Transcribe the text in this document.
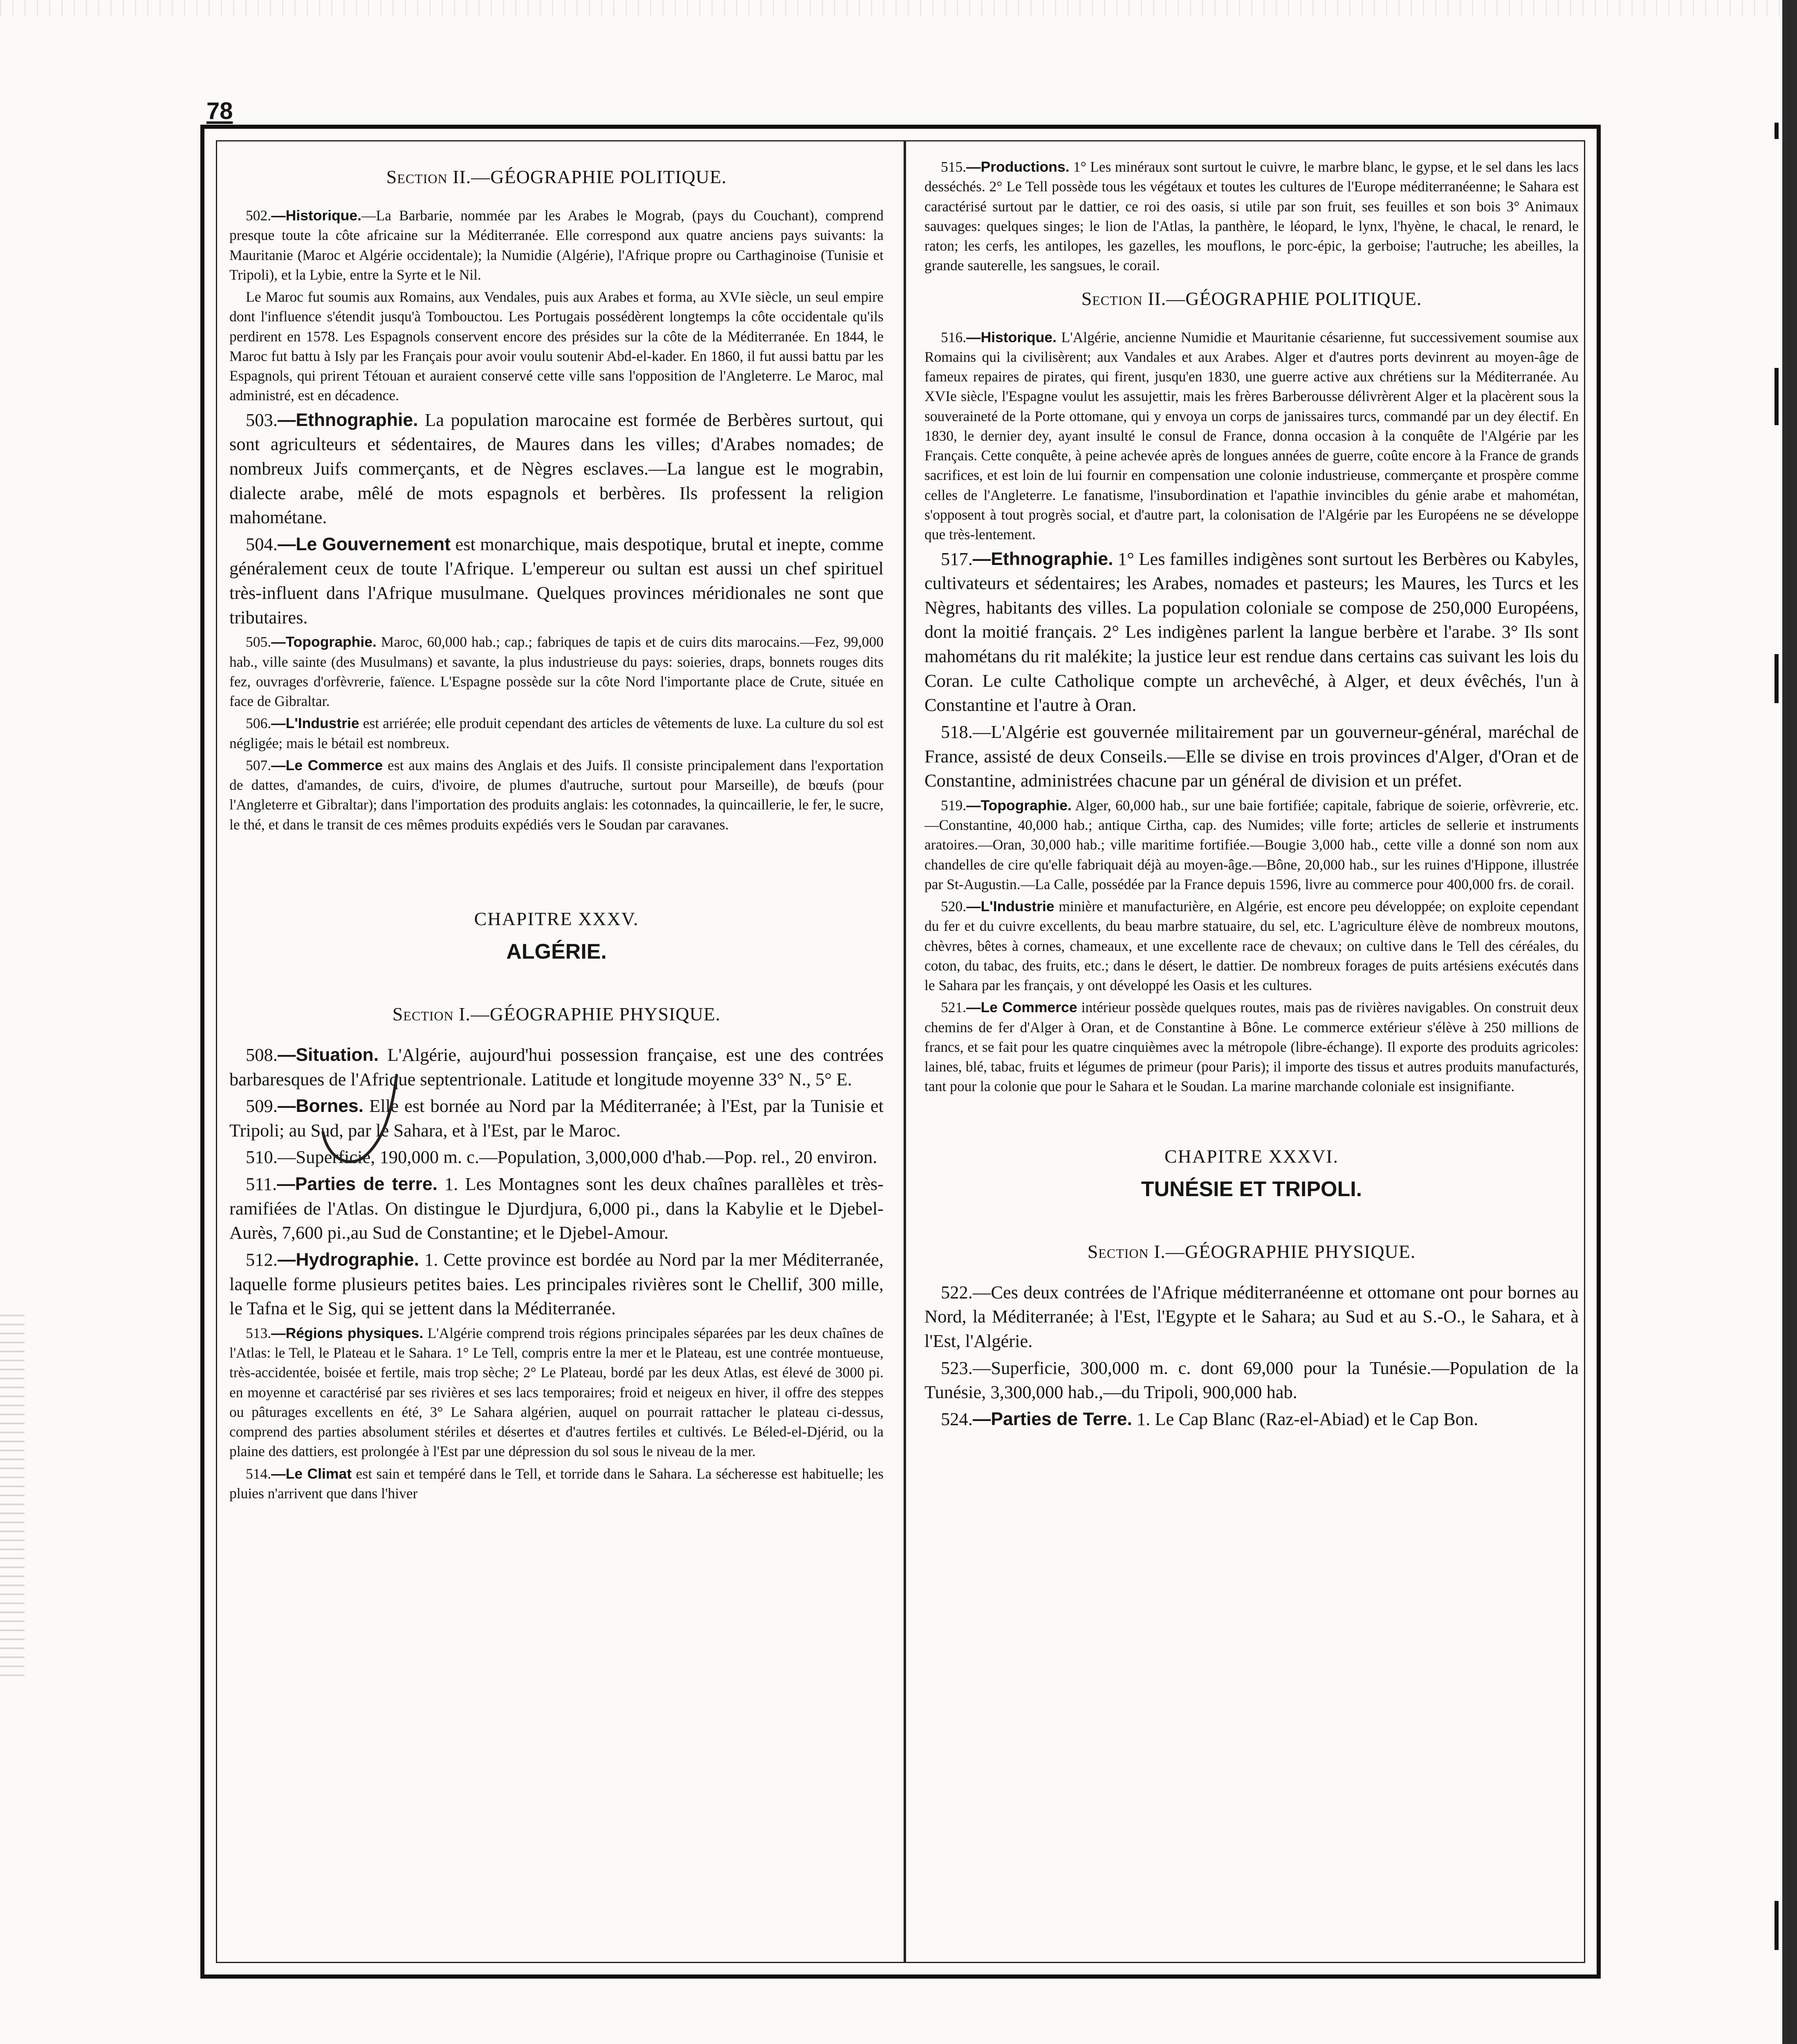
78
Section II.—GÉOGRAPHIE POLITIQUE.

502.—Historique.—La Barbarie, nommée par les Arabes le Mograb, (pays du Couchant), comprend presque toute la côte africaine sur la Méditerranée. Elle correspond aux quatre anciens pays suivants: la Mauritanie (Maroc et Algérie occidentale); la Numidie (Algérie), l'Afrique propre ou Carthaginoise (Tunisie et Tripoli), et la Lybie, entre la Syrte et le Nil.

Le Maroc fut soumis aux Romains, aux Vendales, puis aux Arabes et forma, au XVIe siècle, un seul empire dont l'influence s'étendit jusqu'à Tombouctou. Les Portugais possédèrent longtemps la côte occidentale qu'ils perdirent en 1578. Les Espagnols conservent encore des présides sur la côte de la Méditerranée. En 1844, le Maroc fut battu à Isly par les Français pour avoir voulu soutenir Abd-el-kader. En 1860, il fut aussi battu par les Espagnols, qui prirent Tétouan et auraient conservé cette ville sans l'opposition de l'Angleterre. Le Maroc, mal administré, est en décadence.

503.—Ethnographie. La population marocaine est formée de Berbères surtout, qui sont agriculteurs et sédentaires, de Maures dans les villes; d'Arabes nomades; de nombreux Juifs commerçants, et de Nègres esclaves.—La langue est le mograbin, dialecte arabe, mêlé de mots espagnols et berbères. Ils professent la religion mahométane.

504.—Le Gouvernement est monarchique, mais despotique, brutal et inepte, comme généralement ceux de toute l'Afrique. L'empereur ou sultan est aussi un chef spirituel très-influent dans l'Afrique musulmane. Quelques provinces méridionales ne sont que tributaires.

505.—Topographie. Maroc, 60,000 hab.; cap.; fabriques de tapis et de cuirs dits marocains.—Fez, 99,000 hab., ville sainte (des Musulmans) et savante, la plus industrieuse du pays: soieries, draps, bonnets rouges dits fez, ouvrages d'orfèvrerie, faïence. L'Espagne possède sur la côte Nord l'importante place de Crute, située en face de Gibraltar.

506.—L'Industrie est arriérée; elle produit cependant des articles de vêtements de luxe. La culture du sol est négligée; mais le bétail est nombreux.

507.—Le Commerce est aux mains des Anglais et des Juifs. Il consiste principalement dans l'exportation de dattes, d'amandes, de cuirs, d'ivoire, de plumes d'autruche, surtout pour Marseille), de bœufs (pour l'Angleterre et Gibraltar); dans l'importation des produits anglais: les cotonnades, la quincaillerie, le fer, le sucre, le thé, et dans le transit de ces mêmes produits expédiés vers le Soudan par caravanes.

CHAPITRE XXXV.
ALGÉRIE.
Section I.—GÉOGRAPHIE PHYSIQUE.

508.—Situation. L'Algérie, aujourd'hui possession française, est une des contrées barbaresques de l'Afrique septentrionale. Latitude et longitude moyenne 33° N., 5° E.

509.—Bornes. Elle est bornée au Nord par la Méditerranée; à l'Est, par la Tunisie et Tripoli; au Sud, par le Sahara, et à l'Est, par le Maroc.

510.—Superficie, 190,000 m. c.—Population, 3,000,000 d'hab.—Pop. rel., 20 environ.

511.—Parties de terre. 1. Les Montagnes sont les deux chaînes parallèles et très-ramifiées de l'Atlas. On distingue le Djurdjura, 6,000 pi., dans la Kabylie et le Djebel-Aurès, 7,600 pi.,au Sud de Constantine; et le Djebel-Amour.

512.—Hydrographie. 1. Cette province est bordée au Nord par la mer Méditerranée, laquelle forme plusieurs petites baies. Les principales rivières sont le Chellif, 300 mille, le Tafna et le Sig, qui se jettent dans la Méditerranée.

513.—Régions physiques. L'Algérie comprend trois régions principales séparées par les deux chaînes de l'Atlas: le Tell, le Plateau et le Sahara. 1° Le Tell, compris entre la mer et le Plateau, est une contrée montueuse, très-accidentée, boisée et fertile, mais trop sèche; 2° Le Plateau, bordé par les deux Atlas, est élevé de 3000 pi. en moyenne et caractérisé par ses rivières et ses lacs temporaires; froid et neigeux en hiver, il offre des steppes ou pâturages excellents en été, 3° Le Sahara algérien, auquel on pourrait rattacher le plateau ci-dessus, comprend des parties absolument stériles et désertes et d'autres fertiles et cultivés. Le Béled-el-Djérid, ou la plaine des dattiers, est prolongée à l'Est par une dépression du sol sous le niveau de la mer.

514.—Le Climat est sain et tempéré dans le Tell, et torride dans le Sahara. La sécheresse est habituelle; les pluies n'arrivent que dans l'hiver

515.—Productions. 1° Les minéraux sont surtout le cuivre, le marbre blanc, le gypse, et le sel dans les lacs desséchés. 2° Le Tell possède tous les végétaux et toutes les cultures de l'Europe méditerranéenne; le Sahara est caractérisé surtout par le dattier, ce roi des oasis, si utile par son fruit, ses feuilles et son bois 3° Animaux sauvages: quelques singes; le lion de l'Atlas, la panthère, le léopard, le lynx, l'hyène, le chacal, le renard, le raton; les cerfs, les antilopes, les gazelles, les mouflons, le porc-épic, la gerboise; l'autruche; les abeilles, la grande sauterelle, les sangsues, le corail.

Section II.—GÉOGRAPHIE POLITIQUE.

516.—Historique. L'Algérie, ancienne Numidie et Mauritanie césarienne, fut successivement soumise aux Romains qui la civilisèrent; aux Vandales et aux Arabes. Alger et d'autres ports devinrent au moyen-âge de fameux repaires de pirates, qui firent, jusqu'en 1830, une guerre active aux chrétiens sur la Méditerranée. Au XVIe siècle, l'Espagne voulut les assujettir, mais les frères Barberousse délivrèrent Alger et la placèrent sous la souveraineté de la Porte ottomane, qui y envoya un corps de janissaires turcs, commandé par un dey électif. En 1830, le dernier dey, ayant insulté le consul de France, donna occasion à la conquête de l'Algérie par les Français. Cette conquête, à peine achevée après de longues années de guerre, coûte encore à la France de grands sacrifices, et est loin de lui fournir en compensation une colonie industrieuse, commerçante et prospère comme celles de l'Angleterre. Le fanatisme, l'insubordination et l'apathie invincibles du génie arabe et mahométan, s'opposent à tout progrès social, et d'autre part, la colonisation de l'Algérie par les Européens ne se développe que très-lentement.

517.—Ethnographie. 1° Les familles indigènes sont surtout les Berbères ou Kabyles, cultivateurs et sédentaires; les Arabes, nomades et pasteurs; les Maures, les Turcs et les Nègres, habitants des villes. La population coloniale se compose de 250,000 Européens, dont la moitié français. 2° Les indigènes parlent la langue berbère et l'arabe. 3° Ils sont mahométans du rit malékite; la justice leur est rendue dans certains cas suivant les lois du Coran. Le culte Catholique compte un archevêché, à Alger, et deux évêchés, l'un à Constantine et l'autre à Oran.

518.—L'Algérie est gouvernée militairement par un gouverneur-général, maréchal de France, assisté de deux Conseils.—Elle se divise en trois provinces d'Alger, d'Oran et de Constantine, administrées chacune par un général de division et un préfet.

519.—Topographie. Alger, 60,000 hab., sur une baie fortifiée; capitale, fabrique de soierie, orfèvrerie, etc.—Constantine, 40,000 hab.; antique Cirtha, cap. des Numides; ville forte; articles de sellerie et instruments aratoires.—Oran, 30,000 hab.; ville maritime fortifiée.—Bougie 3,000 hab., cette ville a donné son nom aux chandelles de cire qu'elle fabriquait déjà au moyen-âge.—Bône, 20,000 hab., sur les ruines d'Hippone, illustrée par St-Augustin.—La Calle, possédée par la France depuis 1596, livre au commerce pour 400,000 frs. de corail.

520.—L'Industrie minière et manufacturière, en Algérie, est encore peu développée; on exploite cependant du fer et du cuivre excellents, du beau marbre statuaire, du sel, etc. L'agriculture élève de nombreux moutons, chèvres, bêtes à cornes, chameaux, et une excellente race de chevaux; on cultive dans le Tell des céréales, du coton, du tabac, des fruits, etc.; dans le désert, le dattier. De nombreux forages de puits artésiens exécutés dans le Sahara par les français, y ont développé les Oasis et les cultures.

521.—Le Commerce intérieur possède quelques routes, mais pas de rivières navigables. On construit deux chemins de fer d'Alger à Oran, et de Constantine à Bône. Le commerce extérieur s'élève à 250 millions de francs, et se fait pour les quatre cinquièmes avec la métropole (libre-échange). Il exporte des produits agricoles: laines, blé, tabac, fruits et légumes de primeur (pour Paris); il importe des tissus et autres produits manufacturés, tant pour la colonie que pour le Sahara et le Soudan. La marine marchande coloniale est insignifiante.

CHAPITRE XXXVI.
TUNÉSIE ET TRIPOLI.
Section I.—GÉOGRAPHIE PHYSIQUE.

522.—Ces deux contrées de l'Afrique méditerranéenne et ottomane ont pour bornes au Nord, la Méditerranée; à l'Est, l'Egypte et le Sahara; au Sud et au S.-O., le Sahara, et à l'Est, l'Algérie.

523.—Superficie, 300,000 m. c. dont 69,000 pour la Tunésie.—Population de la Tunésie, 3,300,000 hab.,—du Tripoli, 900,000 hab.

524.—Parties de Terre. 1. Le Cap Blanc (Raz-el-Abiad) et le Cap Bon.
